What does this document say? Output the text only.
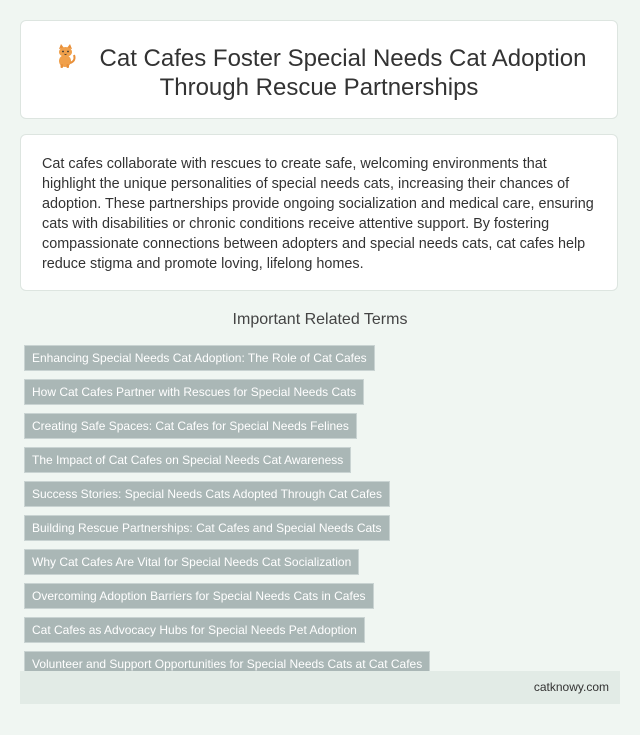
Cat Cafes Foster Special Needs Cat Adoption Through Rescue Partnerships

Cat cafes collaborate with rescues to create safe, welcoming environments that highlight the unique personalities of special needs cats, increasing their chances of adoption. These partnerships provide ongoing socialization and medical care, ensuring cats with disabilities or chronic conditions receive attentive support. By fostering compassionate connections between adopters and special needs cats, cat cafes help reduce stigma and promote loving, lifelong homes.

Important Related Terms
Enhancing Special Needs Cat Adoption: The Role of Cat Cafes
How Cat Cafes Partner with Rescues for Special Needs Cats
Creating Safe Spaces: Cat Cafes for Special Needs Felines
The Impact of Cat Cafes on Special Needs Cat Awareness
Success Stories: Special Needs Cats Adopted Through Cat Cafes
Building Rescue Partnerships: Cat Cafes and Special Needs Cats
Why Cat Cafes Are Vital for Special Needs Cat Socialization
Overcoming Adoption Barriers for Special Needs Cats in Cafes
Cat Cafes as Advocacy Hubs for Special Needs Pet Adoption
Volunteer and Support Opportunities for Special Needs Cats at Cat Cafes
catknowy.com
